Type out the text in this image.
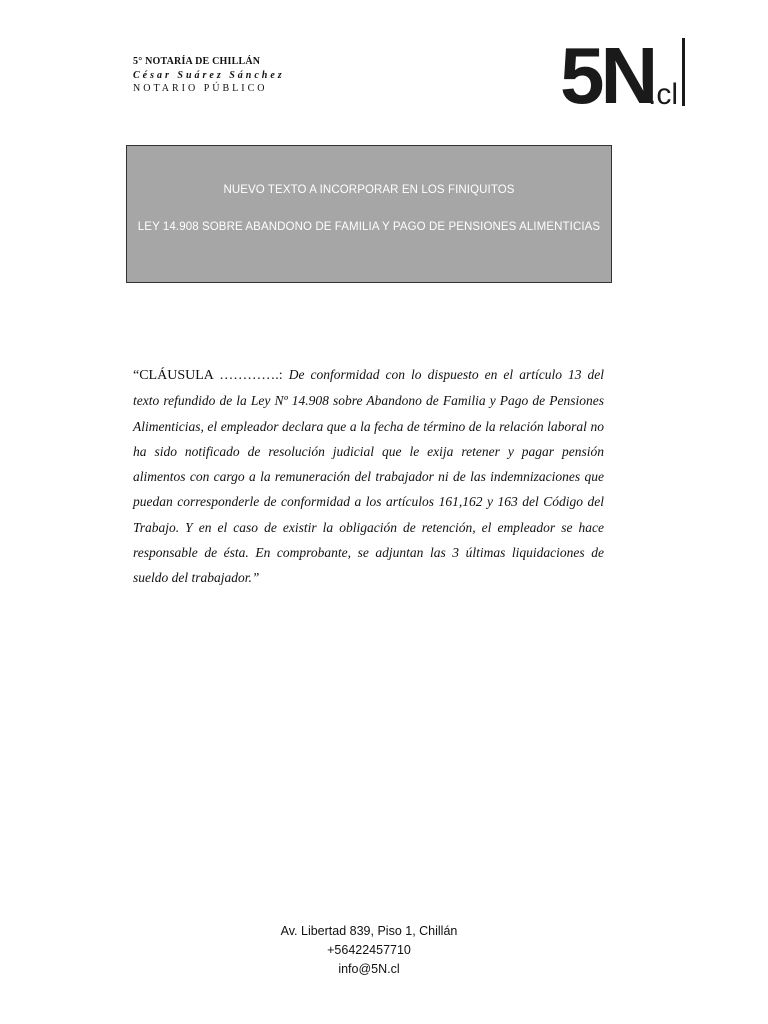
5° NOTARÍA DE CHILLÁN
César Suárez Sánchez
NOTARIO PÚBLICO	5N
.cl
NUEVO TEXTO A INCORPORAR EN LOS FINIQUITOS
LEY 14.908 SOBRE ABANDONO DE FAMILIA Y PAGO DE PENSIONES ALIMENTICIAS
“CLÁUSULA ………….: De conformidad con lo dispuesto en el artículo 13 del texto refundido de la Ley Nº 14.908 sobre Abandono de Familia y Pago de Pensiones Alimenticias, el empleador declara que a la fecha de término de la relación laboral no ha sido notificado de resolución judicial que le exija retener y pagar pensión alimentos con cargo a la remuneración del trabajador ni de las indemnizaciones que puedan corresponderle de conformidad a los artículos 161,162 y 163 del Código del Trabajo. Y en el caso de existir la obligación de retención, el empleador se hace responsable de ésta. En comprobante, se adjuntan las 3 últimas liquidaciones de sueldo del trabajador.”
Av. Libertad 839, Piso 1, Chillán
+56422457710
info@5N.cl
